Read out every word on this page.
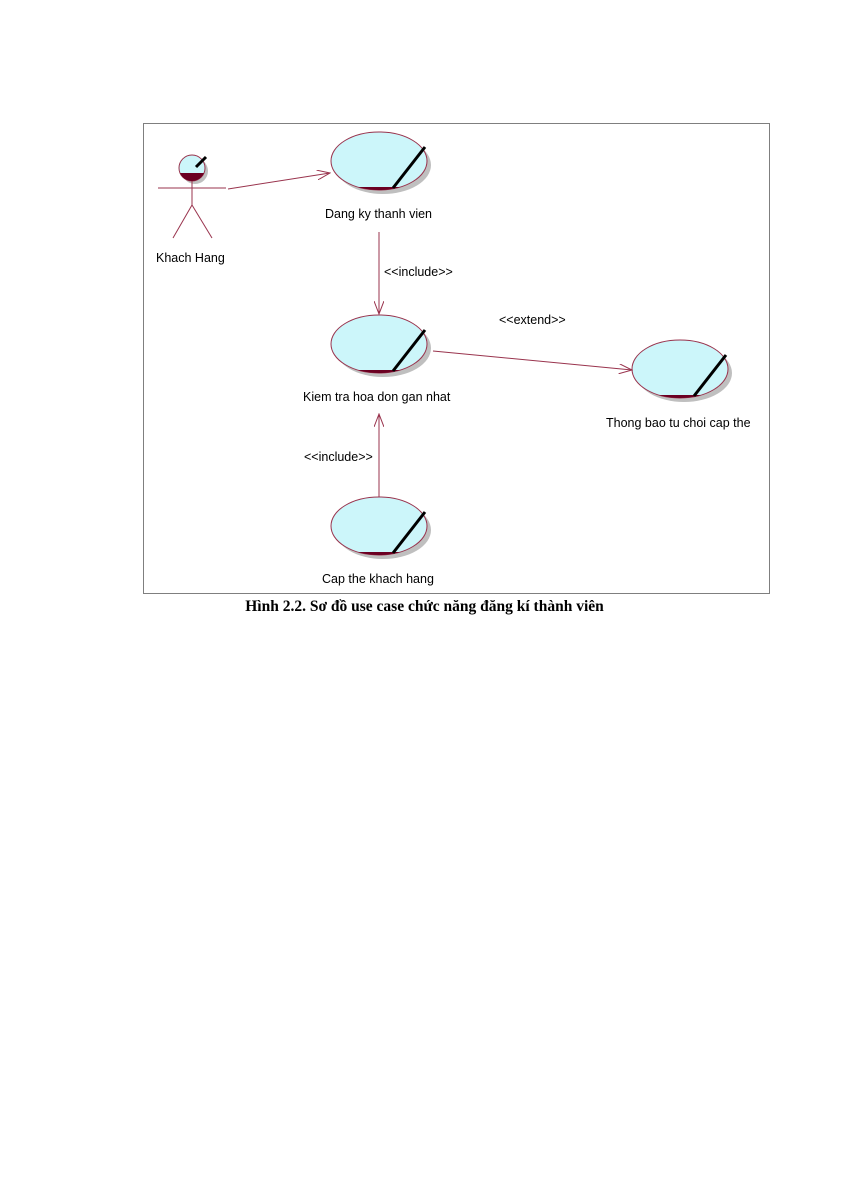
Khach Hang
Dang ky thanh vien
Kiem tra hoa don gan nhat
Thong bao tu choi cap the
Cap the khach hang
<<include>>
<<extend>>
<<include>>
Hình 2.2. Sơ đồ use case chức năng đăng kí thành viên
